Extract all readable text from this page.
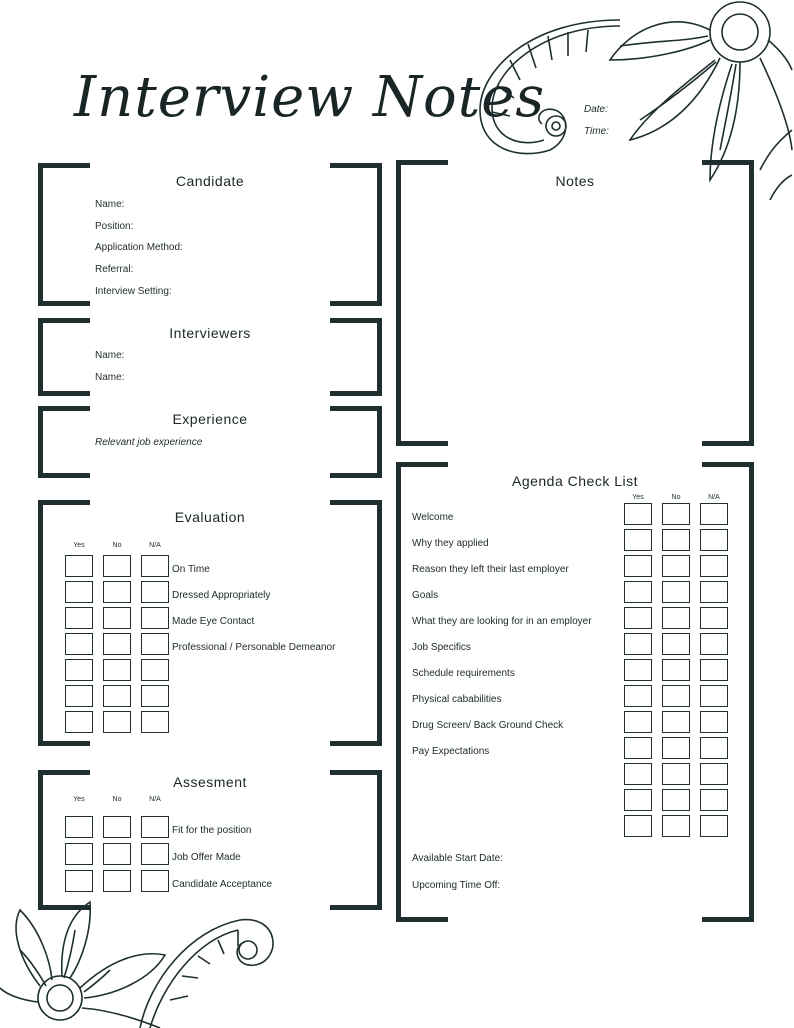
Interview Notes	Date:
Time:
Candidate
Name:
Position:
Application Method:
Referral:
Interview Setting:
Interviewers
Name:
Name:
Experience
Relevant job experience
Evaluation
Yes	No	N/A
On Time
Dressed Appropriately
Made Eye Contact
Professional / Personable Demeanor
Assesment
Yes	No	N/A
Fit for the position
Job Offer Made
Candidate Acceptance
Notes
Agenda Check List
Yes	No	N/A
Welcome
Why they applied
Reason they left their last employer
Goals
What they are looking for in an employer
Job Specifics
Schedule requirements
Physical cababilities
Drug Screen/ Back Ground Check
Pay Expectations
Available Start Date:
Upcoming Time Off:
